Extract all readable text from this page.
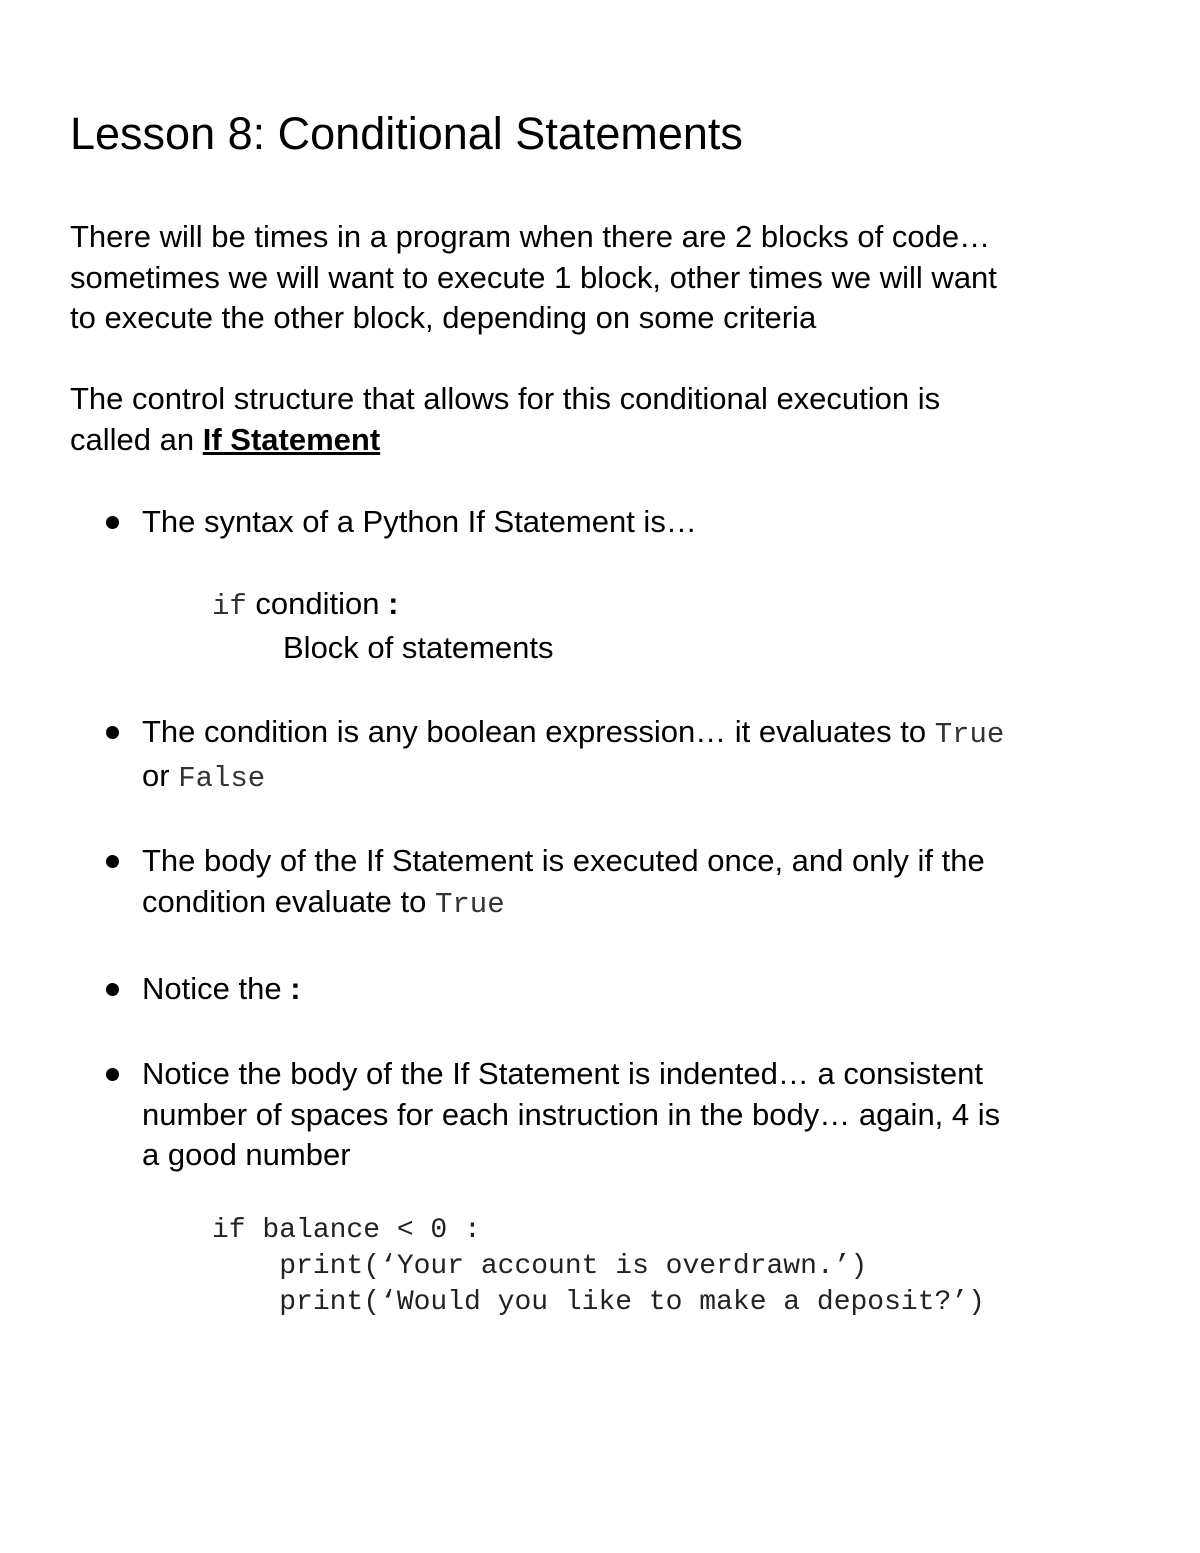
Lesson 8: Conditional Statements
There will be times in a program when there are 2 blocks of code…
sometimes we will want to execute 1 block, other times we will want
to execute the other block, depending on some criteria
The control structure that allows for this conditional execution is
called an If Statement
The syntax of a Python If Statement is…
if condition :
Block of statements
The condition is any boolean expression… it evaluates to True
or False
The body of the If Statement is executed once, and only if the
condition evaluate to True
Notice the :
Notice the body of the If Statement is indented… a consistent
number of spaces for each instruction in the body… again, 4 is
a good number
if balance < 0 :
print(‘Your account is overdrawn.’)
print(‘Would you like to make a deposit?’)
